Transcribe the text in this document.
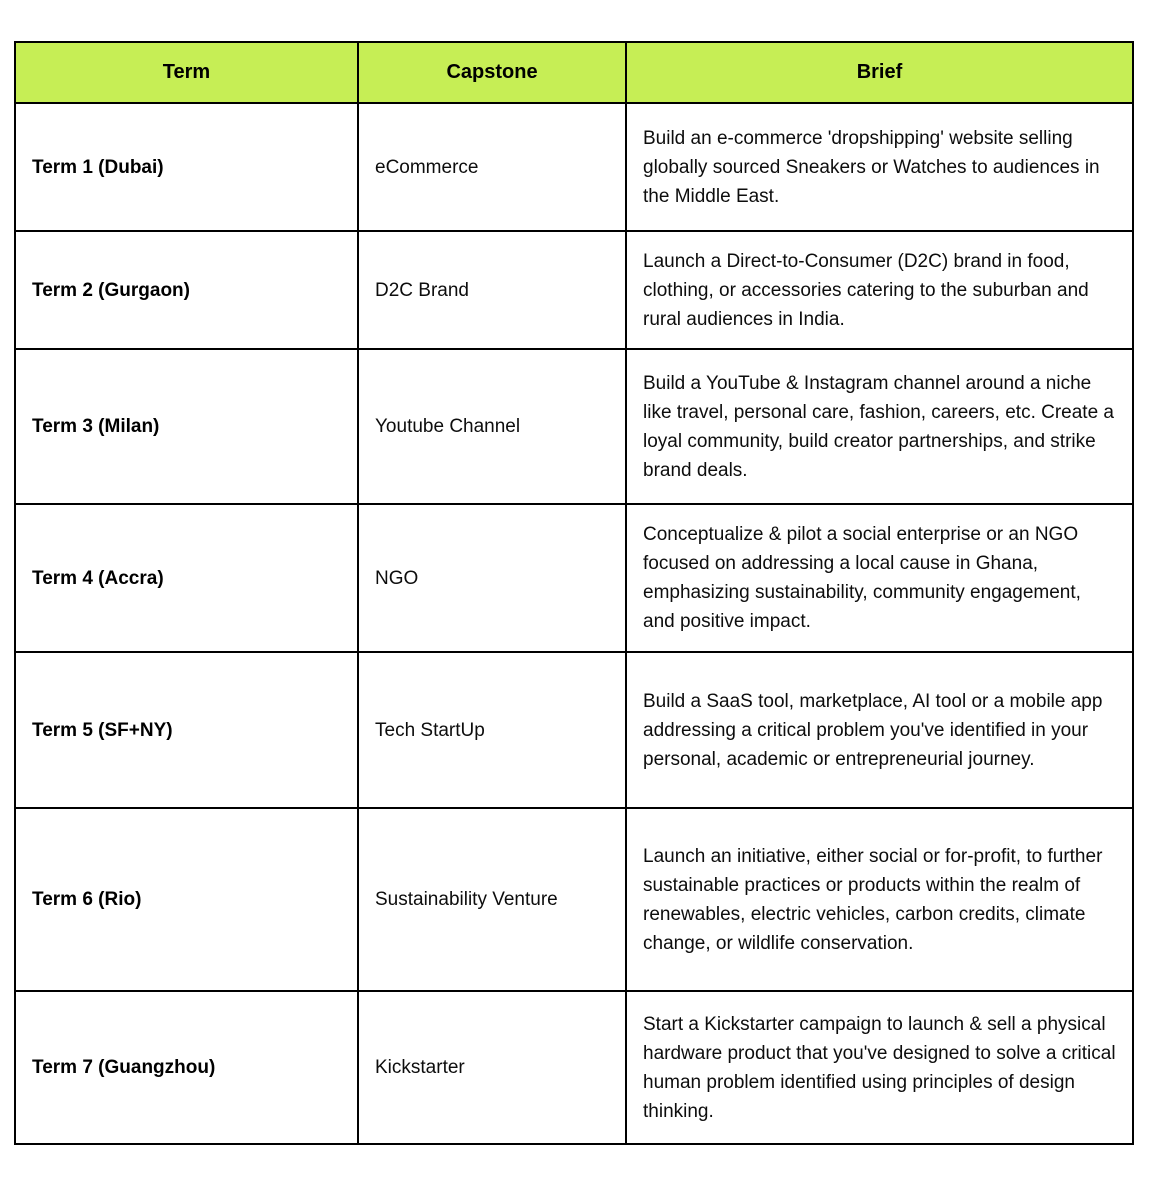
Term	Capstone	Brief
Term 1 (Dubai)	eCommerce	Build an e-commerce 'dropshipping' website selling globally sourced Sneakers or Watches to audiences in the Middle East.
Term 2 (Gurgaon)	D2C Brand	Launch a Direct-to-Consumer (D2C) brand in food, clothing, or accessories catering to the suburban and rural audiences in India.
Term 3 (Milan)	Youtube Channel	Build a YouTube & Instagram channel around a niche like travel, personal care, fashion, careers, etc. Create a loyal community, build creator partnerships, and strike brand deals.
Term 4 (Accra)	NGO	Conceptualize & pilot a social enterprise or an NGO focused on addressing a local cause in Ghana, emphasizing sustainability, community engagement, and positive impact.
Term 5 (SF+NY)	Tech StartUp	Build a SaaS tool, marketplace, AI tool or a mobile app addressing a critical problem you've identified in your personal, academic or entrepreneurial journey.
Term 6 (Rio)	Sustainability Venture	Launch an initiative, either social or for-profit, to further sustainable practices or products within the realm of renewables, electric vehicles, carbon credits, climate change, or wildlife conservation.
Term 7 (Guangzhou)	Kickstarter	Start a Kickstarter campaign to launch & sell a physical hardware product that you've designed to solve a critical human problem identified using principles of design thinking.
